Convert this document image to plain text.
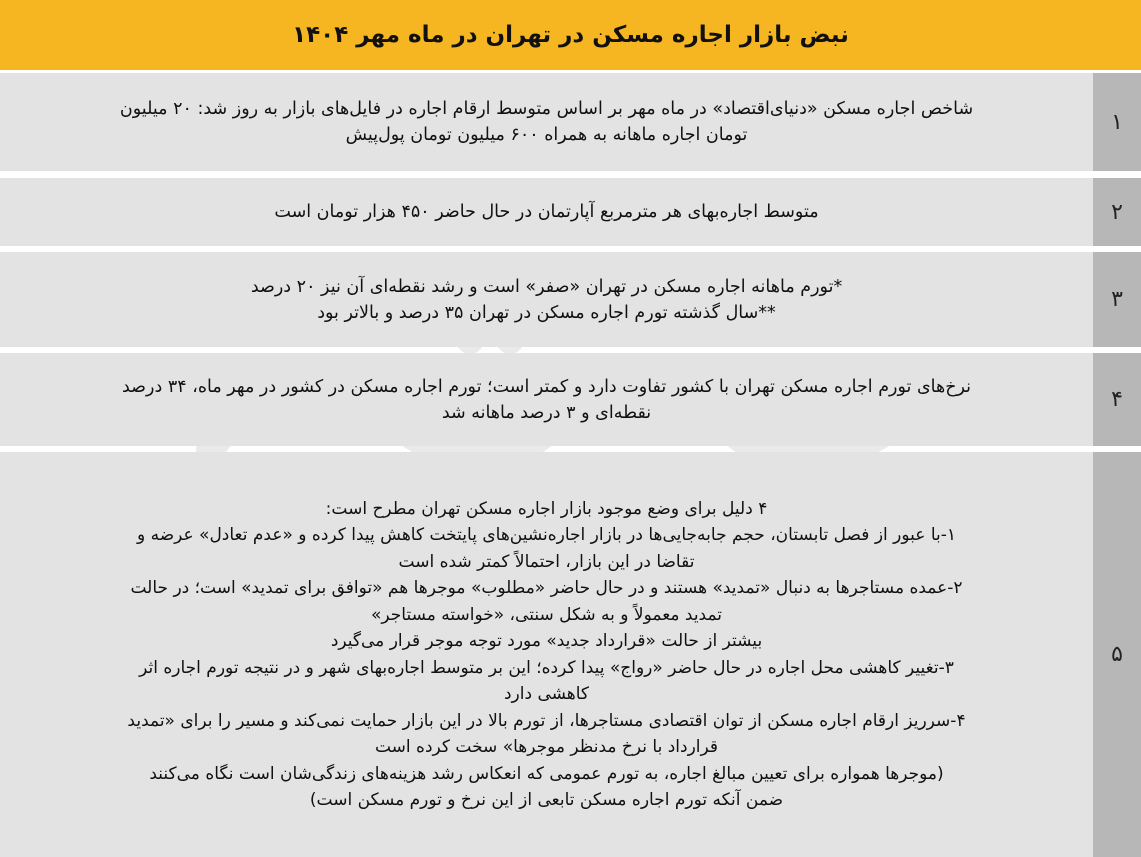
نبض بازار اجاره مسکن در تهران در ماه مهر ۱۴۰۴
۱
شاخص اجاره مسکن «دنیای‌اقتصاد» در ماه مهر بر اساس متوسط ارقام اجاره در فایل‌های بازار به روز شد: ۲۰ میلیون
تومان اجاره ماهانه به همراه ۶۰۰ میلیون تومان پول‌پیش
۲
متوسط اجاره‌بهای هر مترمربع آپارتمان در حال حاضر ۴۵۰ هزار تومان است
۳
*تورم ماهانه اجاره مسکن در تهران «صفر» است و رشد نقطه‌ای آن نیز ۲۰ درصد
**سال گذشته تورم اجاره مسکن در تهران ۳۵ درصد و بالاتر بود
۴
نرخ‌های تورم اجاره مسکن تهران با کشور تفاوت دارد و کمتر است؛ تورم اجاره مسکن در کشور در مهر ماه، ۳۴ درصد
نقطه‌ای و ۳ درصد ماهانه شد
۵
۴ دلیل برای وضع موجود بازار اجاره مسکن تهران مطرح است:
۱-با عبور از فصل تابستان، حجم جابه‌جایی‌ها در بازار اجاره‌نشین‌های پایتخت کاهش پیدا کرده و «عدم تعادل» عرضه و
تقاضا در این بازار، احتمالاً کمتر شده است
۲-عمده مستاجرها به دنبال «تمدید» هستند و در حال حاضر «مطلوب» موجرها هم «توافق برای تمدید» است؛ در حالت
تمدید معمولاً و به شکل سنتی، «خواسته مستاجر»
بیشتر از حالت «قرارداد جدید» مورد توجه موجر قرار می‌گیرد
۳-تغییر کاهشی محل اجاره در حال حاضر «رواج» پیدا کرده؛ این بر متوسط اجاره‌بهای شهر و در نتیجه تورم اجاره اثر
کاهشی دارد
۴-سرریز ارقام اجاره مسکن از توان اقتصادی مستاجرها، از تورم بالا در این بازار حمایت نمی‌کند و مسیر را برای «تمدید
قرارداد با نرخ مدنظر موجرها» سخت کرده است
(موجرها همواره برای تعیین مبالغ اجاره، به تورم عمومی که انعکاس رشد هزینه‌های زندگی‌شان است نگاه می‌کنند
ضمن آنکه تورم اجاره مسکن تابعی از این نرخ و تورم مسکن است)
